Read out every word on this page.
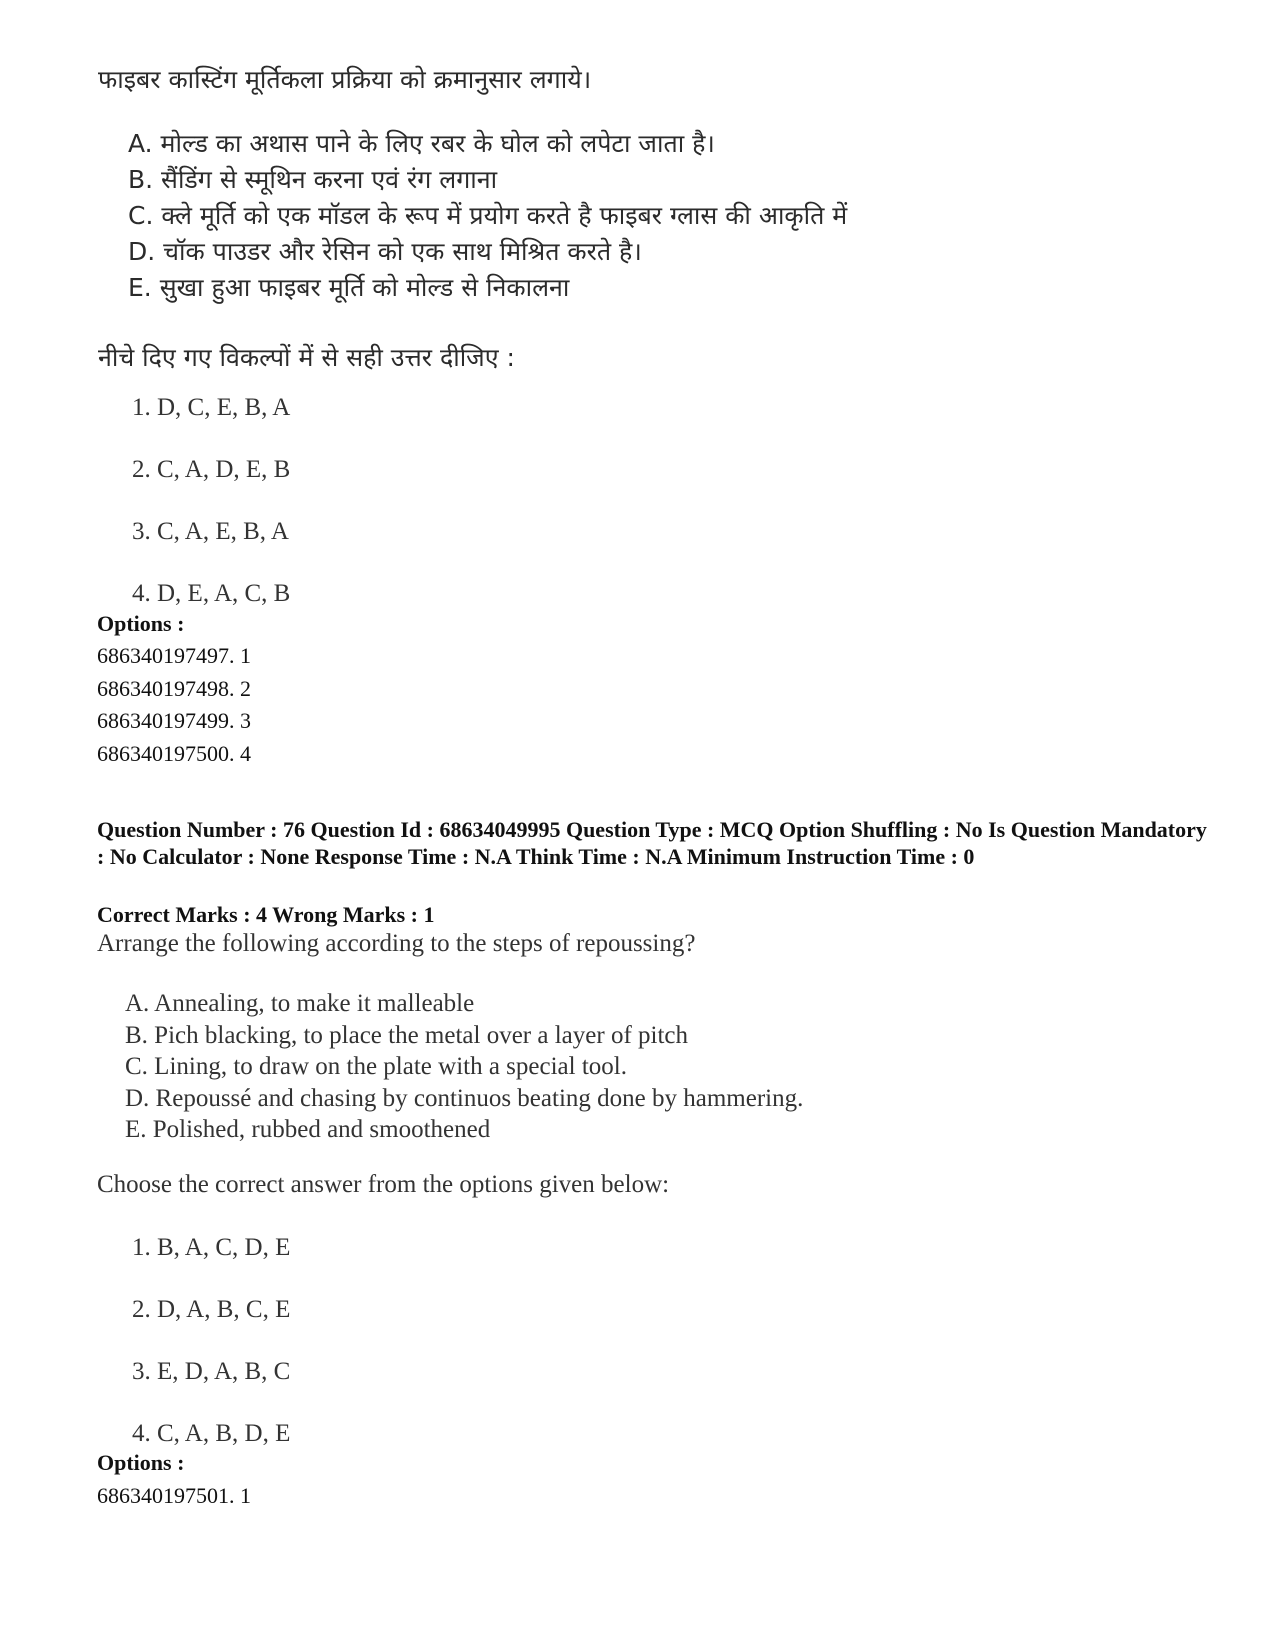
फाइबर कास्टिंग मूर्तिकला प्रक्रिया को क्रमानुसार लगाये।
A. मोल्ड का अथास पाने के लिए रबर के घोल को लपेटा जाता है।
B. सैंडिंग से स्मूथिन करना एवं रंग लगाना
C. क्ले मूर्ति को एक मॉडल के रूप में प्रयोग करते है फाइबर ग्लास की आकृति में
D. चॉक पाउडर और रेसिन को एक साथ मिश्रित करते है।
E. सुखा हुआ फाइबर मूर्ति को मोल्ड से निकालना
नीचे दिए गए विकल्पों में से सही उत्तर दीजिए :
1. D, C, E, B, A
2. C, A, D, E, B
3. C, A, E, B, A
4. D, E, A, C, B
Options :
686340197497. 1
686340197498. 2
686340197499. 3
686340197500. 4
Question Number : 76 Question Id : 68634049995 Question Type : MCQ Option Shuffling : No Is Question Mandatory : No Calculator : None Response Time : N.A Think Time : N.A Minimum Instruction Time : 0
Correct Marks : 4 Wrong Marks : 1
Arrange the following according to the steps of repoussing?
A. Annealing, to make it malleable
B. Pich blacking, to place the metal over a layer of pitch
C. Lining, to draw on the plate with a special tool.
D. Repoussé and chasing by continuos beating done by hammering.
E. Polished, rubbed and smoothened
Choose the correct answer from the options given below:
1. B, A, C, D, E
2. D, A, B, C, E
3. E, D, A, B, C
4. C, A, B, D, E
Options :
686340197501. 1
